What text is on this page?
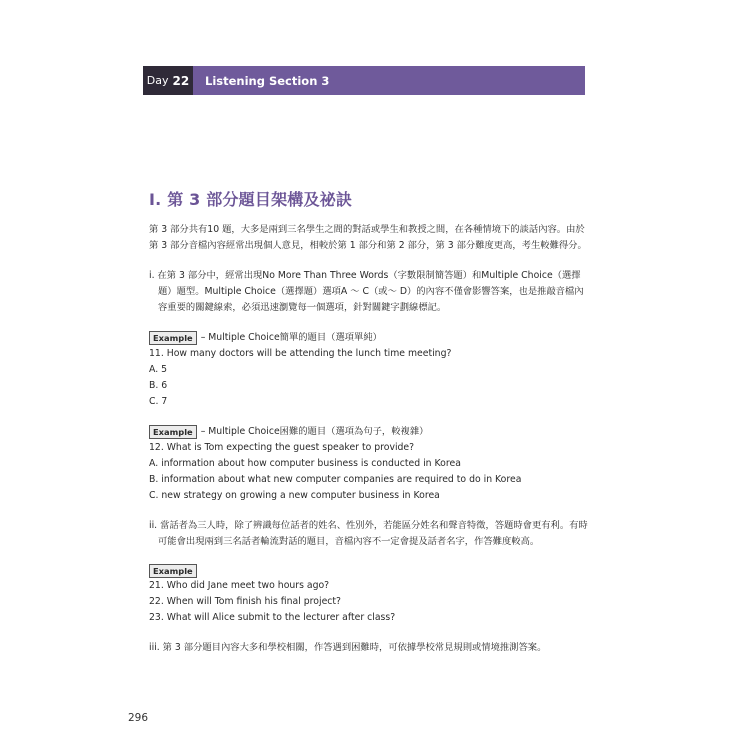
Day 22	Listening Section 3
I. 第 3 部分題目架構及祕訣

第 3 部分共有10 題，大多是兩到三名學生之間的對話或學生和教授之間，在各種情境下的談話內容。由於第 3 部分音檔內容經常出現個人意見，相較於第 1 部分和第 2 部分，第 3 部分難度更高，考生較難得分。

i. 在第 3 部分中，經常出現No More Than Three Words（字數限制簡答題）和Multiple Choice（選擇題）題型。Multiple Choice（選擇題）選項A ～ C（或～ D）的內容不僅會影響答案，也是推敲音檔內容重要的關鍵線索，必須迅速瀏覽每一個選項，針對關鍵字劃線標記。

Example – Multiple Choice簡單的題目（選項單純）

11. How many doctors will be attending the lunch time meeting?

A. 5

B. 6

C. 7

Example – Multiple Choice困難的題目（選項為句子，較複雜）

12. What is Tom expecting the guest speaker to provide?

A. information about how computer business is conducted in Korea

B. information about what new computer companies are required to do in Korea

C. new strategy on growing a new computer business in Korea

ii. 當話者為三人時，除了辨識每位話者的姓名、性別外，若能區分姓名和聲音特徵，答題時會更有利。有時可能會出現兩到三名話者輪流對話的題目，音檔內容不一定會提及話者名字，作答難度較高。

Example

21. Who did Jane meet two hours ago?

22. When will Tom finish his final project?

23. What will Alice submit to the lecturer after class?

iii. 第 3 部分題目內容大多和學校相關，作答遇到困難時，可依據學校常見規則或情境推測答案。

296
